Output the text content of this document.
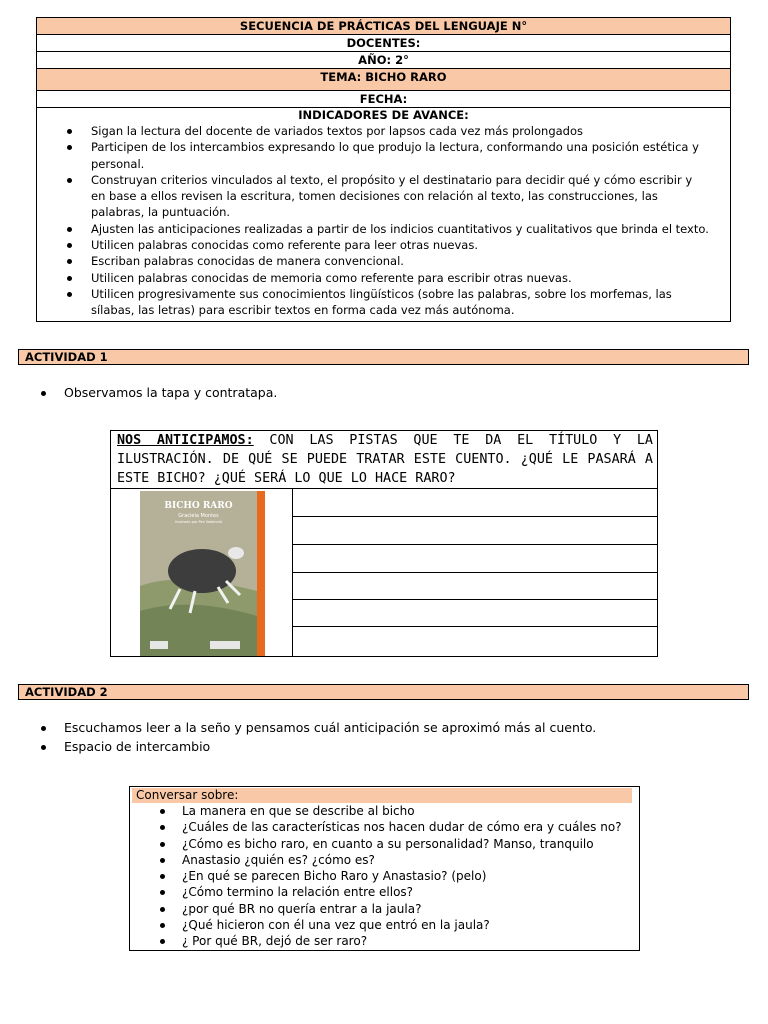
SECUENCIA DE PRÁCTICAS DEL LENGUAJE N°
DOCENTES:
AÑO: 2°
TEMA: BICHO RARO
FECHA:
INDICADORES DE AVANCE:
Sigan la lectura del docente de variados textos por lapsos cada vez más prolongados
Participen de los intercambios expresando lo que produjo la lectura, conformando una posición estética y personal.
Construyan criterios vinculados al texto, el propósito y el destinatario para decidir qué y cómo escribir y en base a ellos revisen la escritura, tomen decisiones con relación al texto, las construcciones, las palabras, la puntuación.
Ajusten las anticipaciones realizadas a partir de los indicios cuantitativos y cualitativos que brinda el texto.
Utilicen palabras conocidas como referente para leer otras nuevas.
Escriban palabras conocidas de manera convencional.
Utilicen palabras conocidas de memoria como referente para escribir otras nuevas.
Utilicen progresivamente sus conocimientos lingüísticos (sobre las palabras, sobre los morfemas, las sílabas, las letras) para escribir textos en forma cada vez más autónoma.
ACTIVIDAD 1
Observamos la tapa y contratapa.
NOS ANTICIPAMOS: CON LAS PISTAS QUE TE DA EL TÍTULO Y LA ILUSTRACIÓN. DE QUÉ SE PUEDE TRATAR ESTE CUENTO. ¿QUÉ LE PASARÁ A ESTE BICHO? ¿QUÉ SERÁ LO QUE LO HACE RARO?
BICHO RARO
Graciela Montes
Ilustrado por Pez Vadenold
ACTIVIDAD 2
Escuchamos leer a la seño y pensamos cuál anticipación se aproximó más al cuento.
Espacio de intercambio
Conversar sobre:
La manera en que se describe al bicho
¿Cuáles de las características nos hacen dudar de cómo era y cuáles no?
¿Cómo es bicho raro, en cuanto a su personalidad? Manso, tranquilo
Anastasio ¿quién es? ¿cómo es?
¿En qué se parecen Bicho Raro y Anastasio? (pelo)
¿Cómo termino la relación entre ellos?
¿por qué BR no quería entrar a la jaula?
¿Qué hicieron con él una vez que entró en la jaula?
¿ Por qué BR, dejó de ser raro?
